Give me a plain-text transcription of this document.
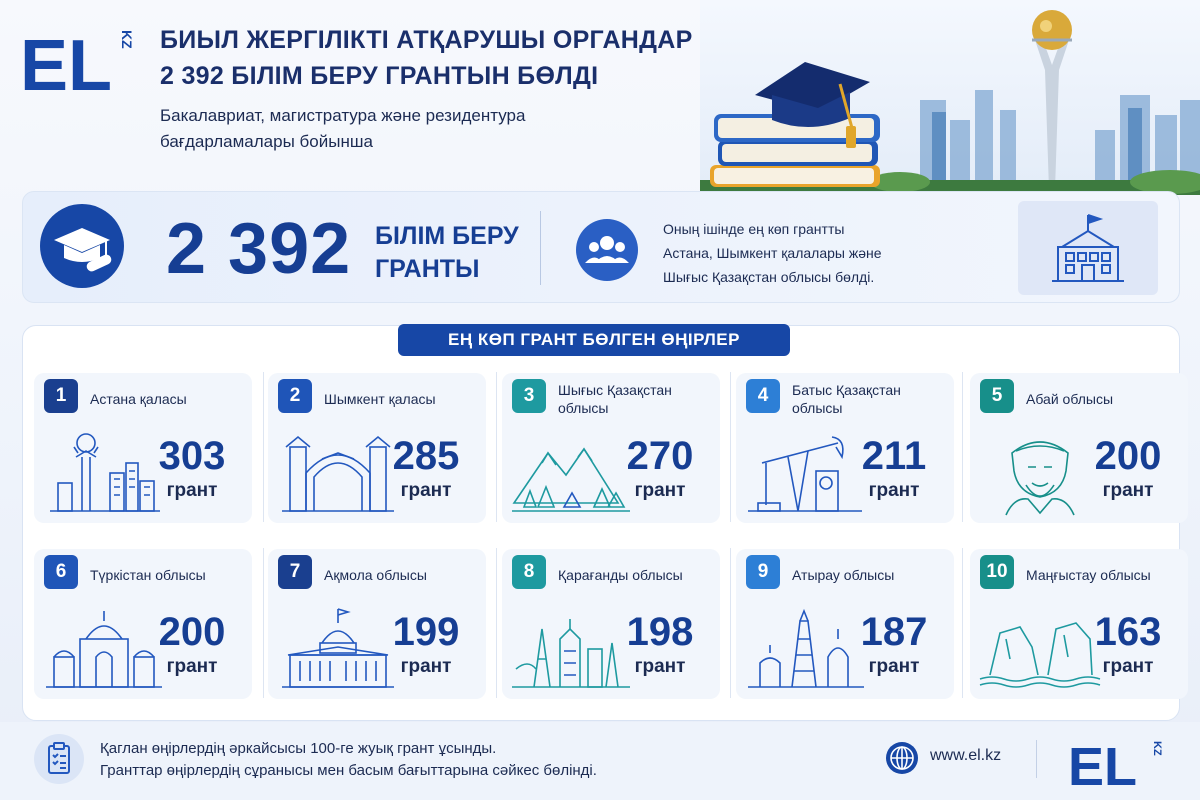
EL KZ БИЫЛ ЖЕРГІЛІКТІ АТҚАРУШЫ ОРГАНДАР
2 392 БІЛІМ БЕРУ ГРАНТЫН БӨЛДІ
Бакалавриат, магистратура және резидентура
бағдарламалары бойынша
2 392 БІЛІМ БЕРУ
ГРАНТЫ
Оның ішінде ең көп грантты
Астана, Шымкент қалалары және
Шығыс Қазақстан облысы бөлді.
ЕҢ КӨП ГРАНТ БӨЛГЕН ӨҢІРЛЕР
1	Астана қаласы
303
грант
2	Шымкент қаласы
285
грант
3	Шығыс Қазақстан облысы
270
грант
4	Батыс Қазақстан облысы
211
грант
5	Абай облысы
200
грант
6	Түркістан облысы
200
грант
7	Ақмола облысы
199
грант
8	Қарағанды облысы
198
грант
9	Атырау облысы
187
грант
10	Маңғыстау облысы
163
грант
Қаглан өңірлердің әркайсысы 100-ге жуық грант ұсынды.
Гранттар өңірлердің сұранысы мен басым бағыттарына сәйкес бөлінді.
www.el.kz EL KZ
